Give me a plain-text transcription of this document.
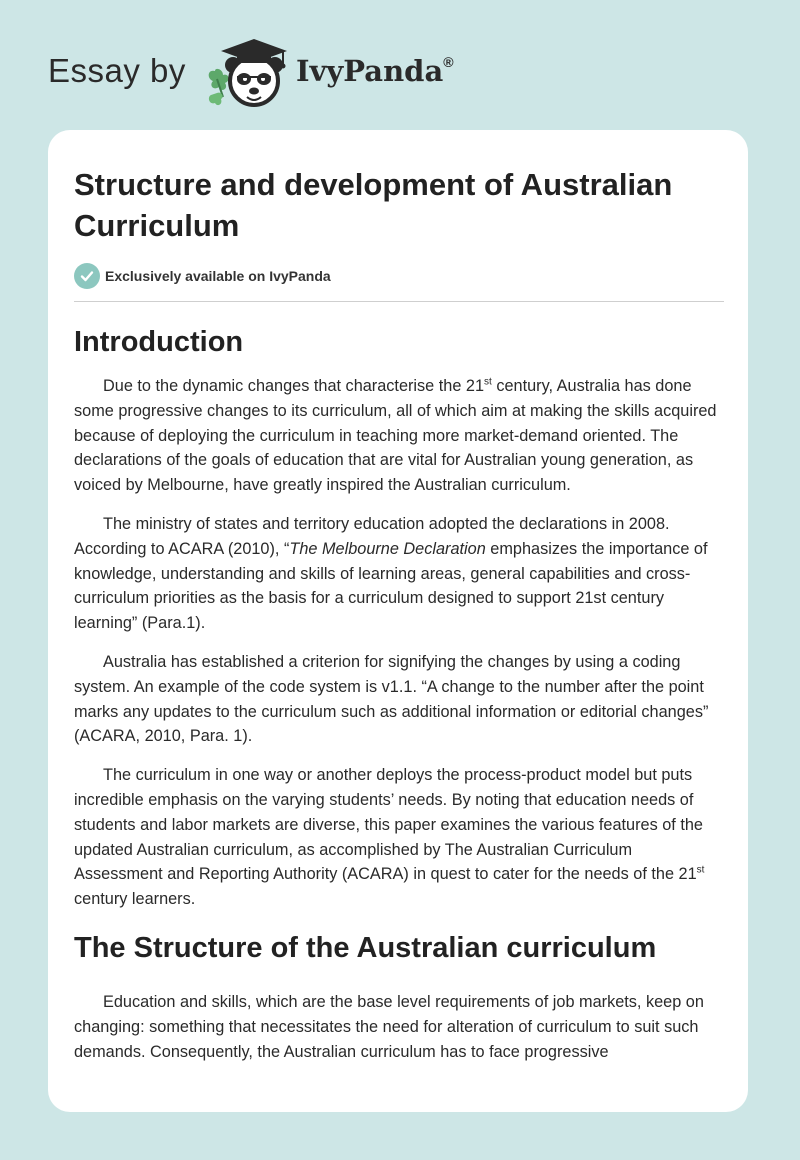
Essay by	IvyPanda®
Structure and development of Australian Curriculum
Exclusively available on IvyPanda
Introduction

Due to the dynamic changes that characterise the 21st century, Australia has done some progressive changes to its curriculum, all of which aim at making the skills acquired because of deploying the curriculum in teaching more market-demand oriented. The declarations of the goals of education that are vital for Australian young generation, as voiced by Melbourne, have greatly inspired the Australian curriculum.

The ministry of states and territory education adopted the declarations in 2008. According to ACARA (2010), “The Melbourne Declaration emphasizes the importance of knowledge, understanding and skills of learning areas, general capabilities and cross-curriculum priorities as the basis for a curriculum designed to support 21st century learning” (Para.1).

Australia has established a criterion for signifying the changes by using a coding system. An example of the code system is v1.1. “A change to the number after the point marks any updates to the curriculum such as additional information or editorial changes” (ACARA, 2010, Para. 1).

The curriculum in one way or another deploys the process-product model but puts incredible emphasis on the varying students’ needs. By noting that education needs of students and labor markets are diverse, this paper examines the various features of the updated Australian curriculum, as accomplished by The Australian Curriculum Assessment and Reporting Authority (ACARA) in quest to cater for the needs of the 21st century learners.

The Structure of the Australian curriculum

Education and skills, which are the base level requirements of job markets, keep on changing: something that necessitates the need for alteration of curriculum to suit such demands. Consequently, the Australian curriculum has to face progressive
